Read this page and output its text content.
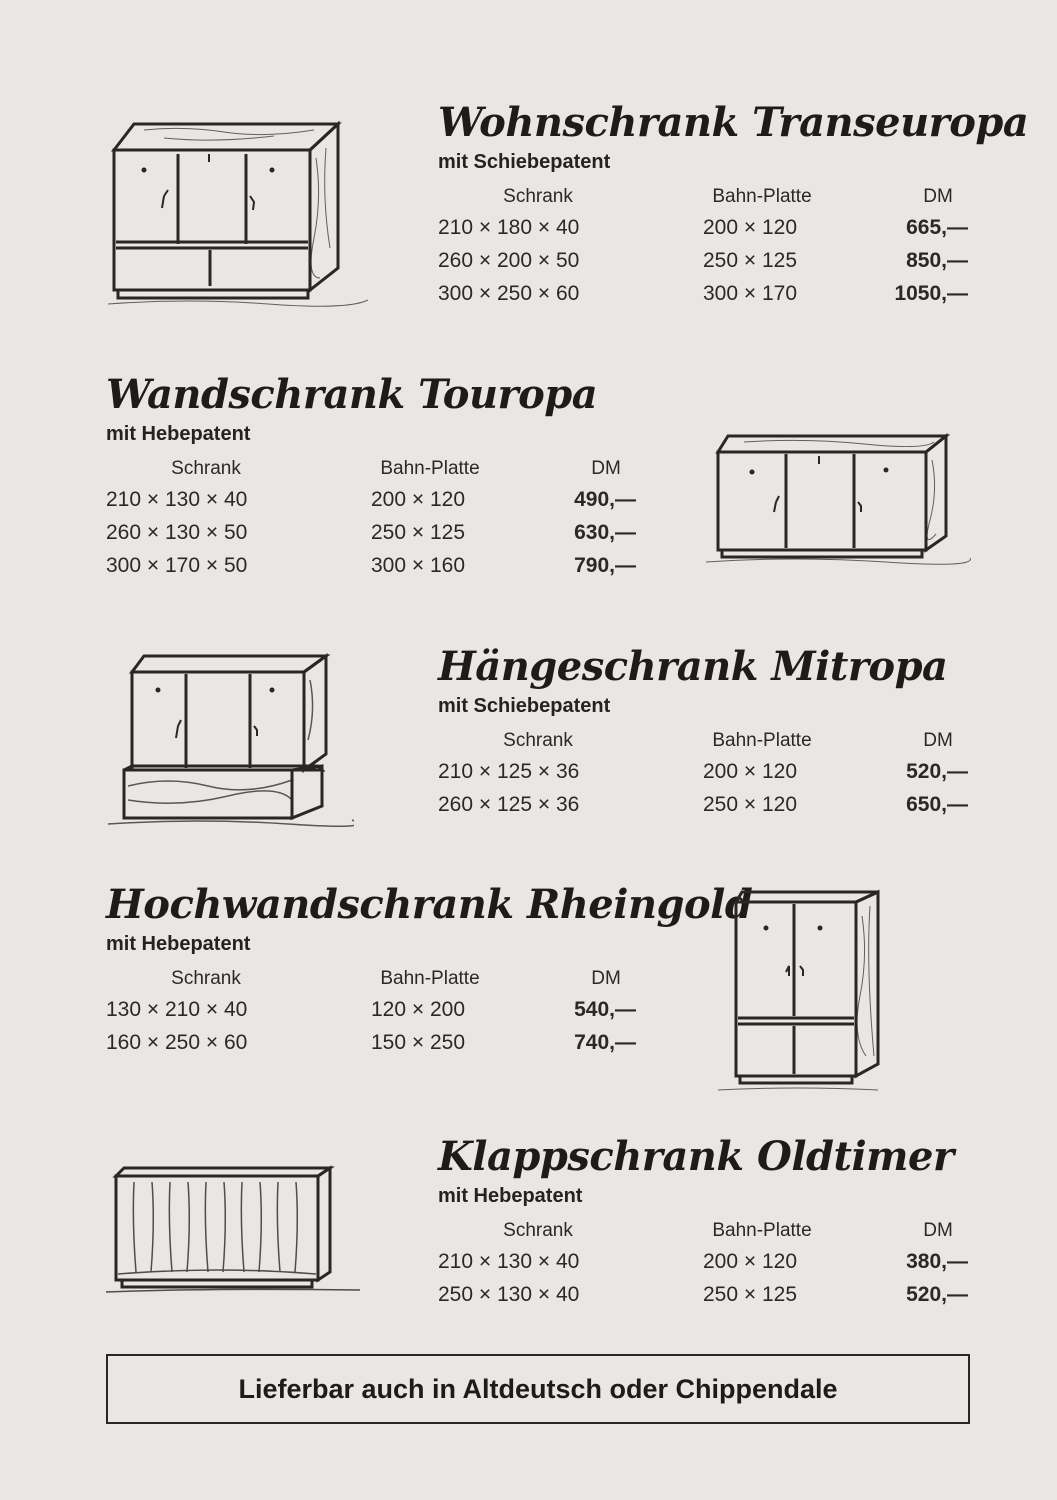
Wohnschrank Transeuropa
mit Schiebepatent
Schrank	Bahn-Platte	DM
210 × 180 × 40	200 × 120	665,—
260 × 200 × 50	250 × 125	850,—
300 × 250 × 60	300 × 170	1050,—
Wandschrank Touropa
mit Hebepatent
Schrank	Bahn-Platte	DM
210 × 130 × 40	200 × 120	490,—
260 × 130 × 50	250 × 125	630,—
300 × 170 × 50	300 × 160	790,—
Hängeschrank Mitropa
mit Schiebepatent
Schrank	Bahn-Platte	DM
210 × 125 × 36	200 × 120	520,—
260 × 125 × 36	250 × 120	650,—
Hochwandschrank Rheingold
mit Hebepatent
Schrank	Bahn-Platte	DM
130 × 210 × 40	120 × 200	540,—
160 × 250 × 60	150 × 250	740,—
Klappschrank Oldtimer
mit Hebepatent
Schrank	Bahn-Platte	DM
210 × 130 × 40	200 × 120	380,—
250 × 130 × 40	250 × 125	520,—
Lieferbar auch in Altdeutsch oder Chippendale
